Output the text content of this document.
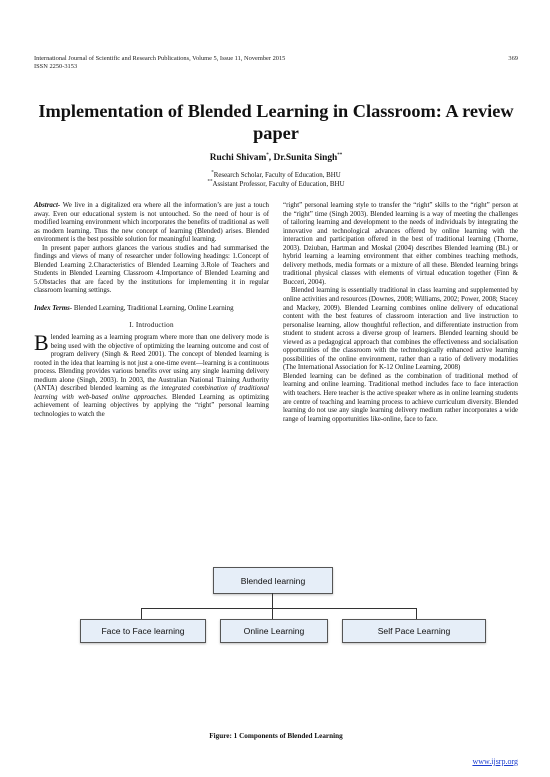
International Journal of Scientific and Research Publications, Volume 5, Issue 11, November 2015
ISSN 2250-3153
369
Implementation of Blended Learning in Classroom: A review paper
Ruchi Shivam*, Dr.Sunita Singh**
*Research Scholar, Faculty of Education, BHU
**Assistant Professor, Faculty of Education, BHU

Abstract- We live in a digitalized era where all the information’s are just a touch away. Even our educational system is not untouched. So the need of hour is of modified learning environment which incorporates the benefits of traditional as well as modern learning. Thus the new concept of learning (Blended) arises. Blended environment is the best possible solution for meaningful learning.

In present paper authors glances the various studies and had summarised the findings and views of many of researcher under following headings: 1.Concept of Blended Learning 2.Characteristics of Blended Learning 3.Role of Teachers and Students in Blended Learning Classroom 4.Importance of Blended Learning and 5.Obstacles that are faced by the institutions for implementing it in regular classroom learning settings.

Index Terms- Blended Learning, Traditional Learning, Online Learning

I. Introduction

Blended learning as a learning program where more than one delivery mode is being used with the objective of optimizing the learning outcome and cost of program delivery (Singh & Reed 2001). The concept of blended learning is rooted in the idea that learning is not just a one-time event—learning is a continuous process. Blending provides various benefits over using any single learning delivery medium alone (Singh, 2003). In 2003, the Australian National Training Authority (ANTA) described blended learning as the integrated combination of traditional learning with web-based online approaches. Blended Learning as optimizing achievement of learning objectives by applying the “right” personal learning technologies to watch the

“right” personal learning style to transfer the “right” skills to the “right” person at the “right” time (Singh 2003). Blended learning is a way of meeting the challenges of tailoring learning and development to the needs of individuals by integrating the innovative and technological advances offered by online learning with the interaction and participation offered in the best of traditional learning (Thorne, 2003). Dziuban, Hartman and Moskal (2004) describes Blended learning (BL) or hybrid learning a learning environment that either combines teaching methods, delivery methods, media formats or a mixture of all these. Blended learning brings traditional physical classes with elements of virtual education together (Finn & Bucceri, 2004).

Blended learning is essentially traditional in class learning and supplemented by online activities and resources (Downes, 2008; Williams, 2002; Power, 2008; Stacey and Mackey, 2009). Blended Learning combines online delivery of educational content with the best features of classroom interaction and live instruction to personalise learning, allow thoughtful reflection, and differentiate instruction from student to student across a diverse group of learners. Blended learning should be viewed as a pedagogical approach that combines the effectiveness and socialisation opportunities of the classroom with the technologically enhanced active learning possibilities of the online environment, rather than a ratio of delivery modalities (The International Association for K-12 Online Learning, 2008)

Blended learning can be defined as the combination of traditional method of learning and online learning. Traditional method includes face to face interaction with teachers. Here teacher is the active speaker where as in online learning students are centre of teaching and learning process to achieve curriculum diversity. Blended learning do not use any single learning delivery medium rather incorporates a wide range of learning opportunities like-online, face to face.

Blended learning
Face to Face learning	Online Learning	Self Pace Learning
Figure: 1 Components of Blended Learning
www.ijsrp.org
